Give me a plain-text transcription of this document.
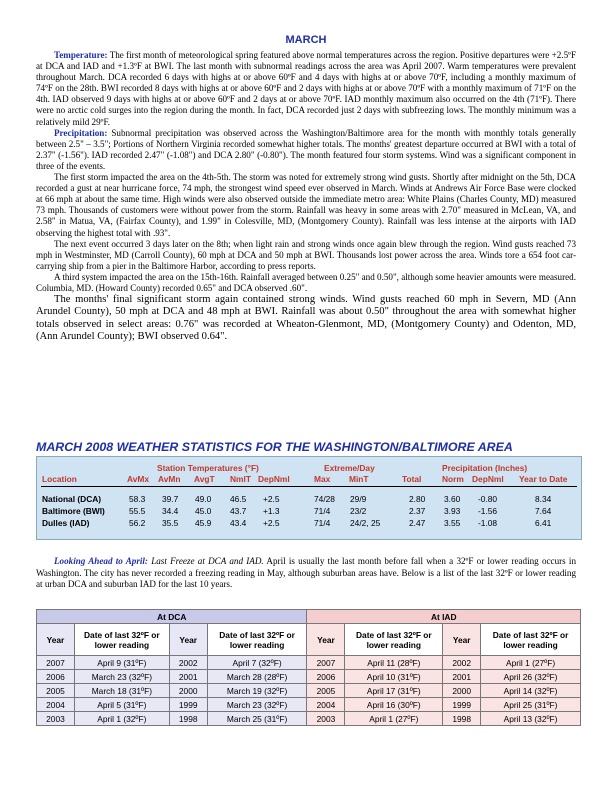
MARCH

Temperature: The first month of meteorological spring featured above normal temperatures across the region. Positive departures were +2.5ºF at DCA and IAD and +1.3ºF at BWI. The last month with subnormal readings across the area was April 2007. Warm temperatures were prevalent throughout March. DCA recorded 6 days with highs at or above 60ºF and 4 days with highs at or above 70ºF, including a monthly maximum of 74ºF on the 28th. BWI recorded 8 days with highs at or above 60ºF and 2 days with highs at or above 70ºF with a monthly maximum of 71ºF on the 4th. IAD observed 9 days with highs at or above 60ºF and 2 days at or above 70ºF. IAD monthly maximum also occurred on the 4th (71ºF). There were no arctic cold surges into the region during the month. In fact, DCA recorded just 2 days with subfreezing lows. The monthly minimum was a relatively mild 29ºF.

Precipitation: Subnormal precipitation was observed across the Washington/Baltimore area for the month with monthly totals generally between 2.5" – 3.5"; Portions of Northern Virginia recorded somewhat higher totals. The months' greatest departure occurred at BWI with a total of 2.37" (-1.56"). IAD recorded 2.47" (-1.08") and DCA 2.80" (-0.80"). The month featured four storm systems. Wind was a significant component in three of the events.

The first storm impacted the area on the 4th-5th. The storm was noted for extremely strong wind gusts. Shortly after midnight on the 5th, DCA recorded a gust at near hurricane force, 74 mph, the strongest wind speed ever observed in March. Winds at Andrews Air Force Base were clocked at 66 mph at about the same time. High winds were also observed outside the immediate metro area: White Plains (Charles County, MD) measured 73 mph. Thousands of customers were without power from the storm. Rainfall was heavy in some areas with 2.70" measured in McLean, VA, and 2.58" in Matua, VA, (Fairfax County), and 1.99" in Colesville, MD, (Montgomery County). Rainfall was less intense at the airports with IAD observing the highest total with .93".

The next event occurred 3 days later on the 8th; when light rain and strong winds once again blew through the region. Wind gusts reached 73 mph in Westminster, MD (Carroll County), 60 mph at DCA and 50 mph at BWI. Thousands lost power across the area. Winds tore a 654 foot car-carrying ship from a pier in the Baltimore Harbor, according to press reports.

A third system impacted the area on the 15th-16th. Rainfall averaged between 0.25" and 0.50", although some heavier amounts were measured. Columbia, MD. (Howard County) recorded 0.65" and DCA observed .60".

The months' final significant storm again contained strong winds. Wind gusts reached 60 mph in Severn, MD (Ann Arundel County), 50 mph at DCA and 48 mph at BWI. Rainfall was about 0.50" throughout the area with somewhat higher totals observed in select areas: 0.76" was recorded at Wheaton-Glenmont, MD, (Montgomery County) and Odenton, MD, (Ann Arundel County); BWI observed 0.64".

MARCH 2008 WEATHER STATISTICS FOR THE WASHINGTON/BALTIMORE AREA
Station Temperatures (°F)	Extreme/Day	Precipitation (Inches)
Location	AvMx AvMn AvgT NmlT DepNml	Max MinT	Total Norm DepNml Year to Date
National (DCA)	58.3 39.7 49.0 46.5 +2.5	74/28 29/9	2.80 3.60 -0.80	8.34
Baltimore (BWI)	55.5 34.4 45.0 43.7 +1.3	71/4 23/2	2.37 3.93 -1.56	7.64
Dulles (IAD)	56.2 35.5 45.9 43.4 +2.5	71/4 24/2, 25	2.47 3.55 -1.08	6.41

Looking Ahead to April: Last Freeze at DCA and IAD. April is usually the last month before fall when a 32ºF or lower reading occurs in Washington. The city has never recorded a freezing reading in May, although suburban areas have. Below is a list of the last 32ºF or lower reading at urban DCA and suburban IAD for the last 10 years.

At DCA				At IAD			
Year	Date of last 32ºF or lower reading	Year	Date of last 32ºF or lower reading	Year	Date of last 32ºF or lower reading	Year	Date of last 32ºF or lower reading
2007	April 9 (31ºF)	2002	April 7 (32ºF)	2007	April 11 (28ºF)	2002	April 1 (27ºF)
2006	March 23 (32ºF)	2001	March 28 (28ºF)	2006	April 10 (31ºF)	2001	April 26 (32ºF)
2005	March 18 (31ºF)	2000	March 19 (32ºF)	2005	April 17 (31ºF)	2000	April 14 (32ºF)
2004	April 5 (31ºF)	1999	March 23 (32ºF)	2004	April 16 (30ºF)	1999	April 25 (31ºF)
2003	April 1 (32ºF)	1998	March 25 (31ºF)	2003	April 1 (27ºF)	1998	April 13 (32ºF)
